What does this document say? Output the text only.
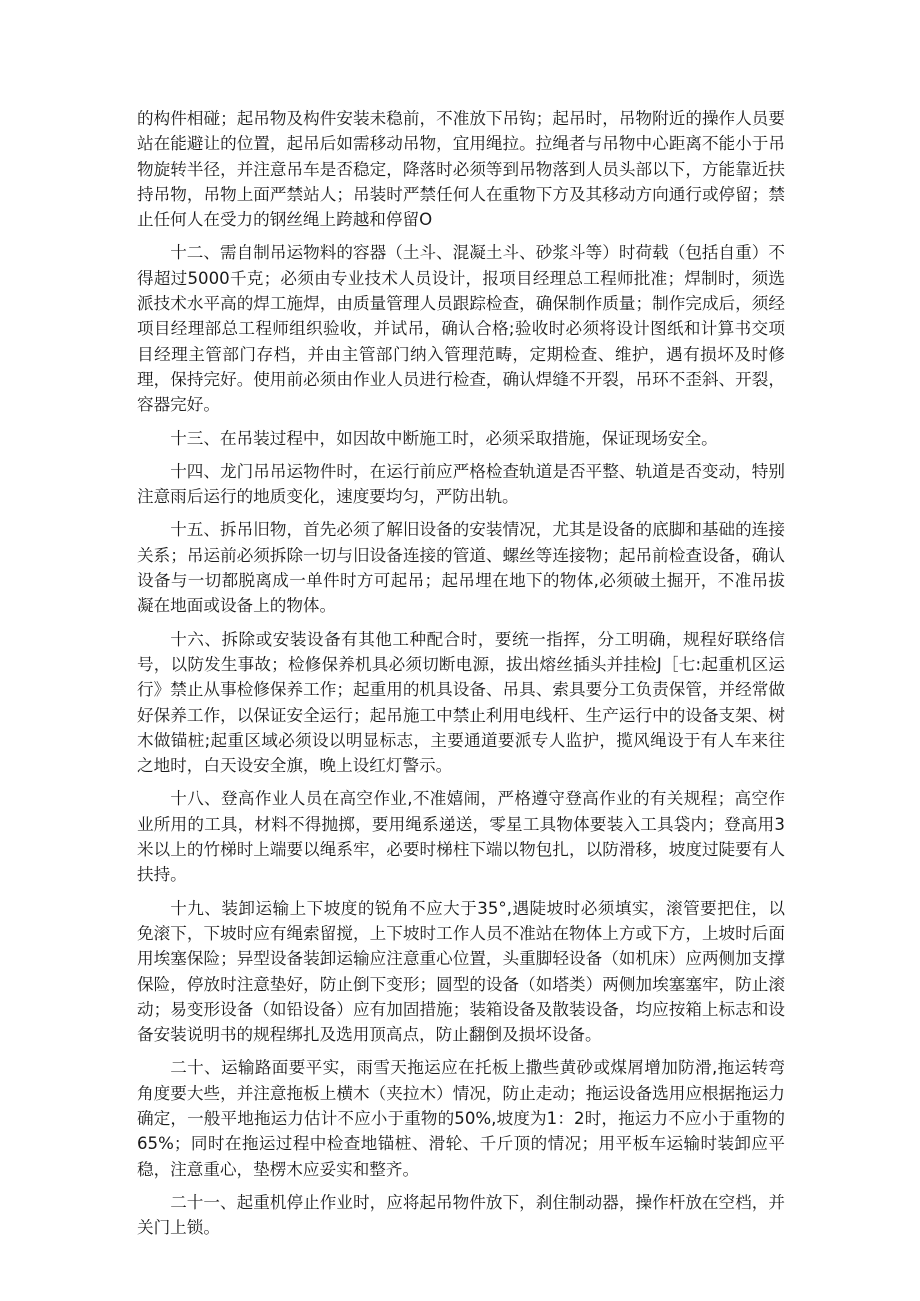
的构件相碰；起吊物及构件安装未稳前，不准放下吊钩；起吊时，吊物附近的操作人员要站在能避让的位置，起吊后如需移动吊物，宜用绳拉。拉绳者与吊物中心距离不能小于吊物旋转半径，并注意吊车是否稳定，降落时必须等到吊物落到人员头部以下，方能靠近扶持吊物，吊物上面严禁站人；吊装时严禁任何人在重物下方及其移动方向通行或停留；禁止任何人在受力的钢丝绳上跨越和停留O

十二、需自制吊运物料的容器（土斗、混凝土斗、砂浆斗等）时荷载（包括自重）不得超过5000千克；必须由专业技术人员设计，报项目经理总工程师批准；焊制时，须选派技术水平高的焊工施焊，由质量管理人员跟踪检查，确保制作质量；制作完成后，须经项目经理部总工程师组织验收，并试吊，确认合格;验收时必须将设计图纸和计算书交项目经理主管部门存档，并由主管部门纳入管理范畴，定期检查、维护，遇有损坏及时修理，保持完好。使用前必须由作业人员进行检查，确认焊缝不开裂，吊环不歪斜、开裂，容器完好。

十三、在吊装过程中，如因故中断施工时，必须采取措施，保证现场安全。

十四、龙门吊吊运物件时，在运行前应严格检查轨道是否平整、轨道是否变动，特别注意雨后运行的地质变化，速度要均匀，严防出轨。

十五、拆吊旧物，首先必须了解旧设备的安装情况，尤其是设备的底脚和基础的连接关系；吊运前必须拆除一切与旧设备连接的管道、螺丝等连接物；起吊前检查设备，确认设备与一切都脱离成一单件时方可起吊；起吊埋在地下的物体,必须破土掘开，不准吊拔凝在地面或设备上的物体。

十六、拆除或安装设备有其他工种配合时，要统一指挥，分工明确，规程好联络信号，以防发生事故；检修保养机具必须切断电源，拔出熔丝插头并挂检J［七:起重机区运行》禁止从事检修保养工作；起重用的机具设备、吊具、索具要分工负责保管，并经常做好保养工作，以保证安全运行；起吊施工中禁止利用电线杆、生产运行中的设备支架、树木做锚桩;起重区域必须设以明显标志，主要通道要派专人监护，揽风绳设于有人车来往之地时，白天设安全旗，晚上设红灯警示。

十八、登高作业人员在高空作业,不准嬉闹，严格遵守登高作业的有关规程；高空作业所用的工具，材料不得抛掷，要用绳系递送，零星工具物体要装入工具袋内；登高用3米以上的竹梯时上端要以绳系牢，必要时梯柱下端以物包扎，以防滑移，坡度过陡要有人扶持。

十九、装卸运输上下坡度的锐角不应大于35°,遇陡坡时必须填实，滚管要把住，以免滚下，下坡时应有绳索留搅，上下坡时工作人员不准站在物体上方或下方，上坡时后面用埃塞保险；异型设备装卸运输应注意重心位置，头重脚轻设备（如机床）应两侧加支撑保险，停放时注意垫好，防止倒下变形；圆型的设备（如塔类）两侧加埃塞塞牢，防止滚动；易变形设备（如铅设备）应有加固措施；装箱设备及散装设备，均应按箱上标志和设备安装说明书的规程绑扎及选用顶高点，防止翻倒及损坏设备。

二十、运输路面要平实，雨雪天拖运应在托板上撒些黄砂或煤屑增加防滑,拖运转弯角度要大些，并注意拖板上横木（夹拉木）情况，防止走动；拖运设备选用应根据拖运力确定，一般平地拖运力估计不应小于重物的50%,坡度为1：2时，拖运力不应小于重物的65%；同时在拖运过程中检查地锚桩、滑轮、千斤顶的情况；用平板车运输时装卸应平稳，注意重心，垫楞木应妥实和整齐。

二十一、起重机停止作业时，应将起吊物件放下，刹住制动器，操作杆放在空档，并关门上锁。
